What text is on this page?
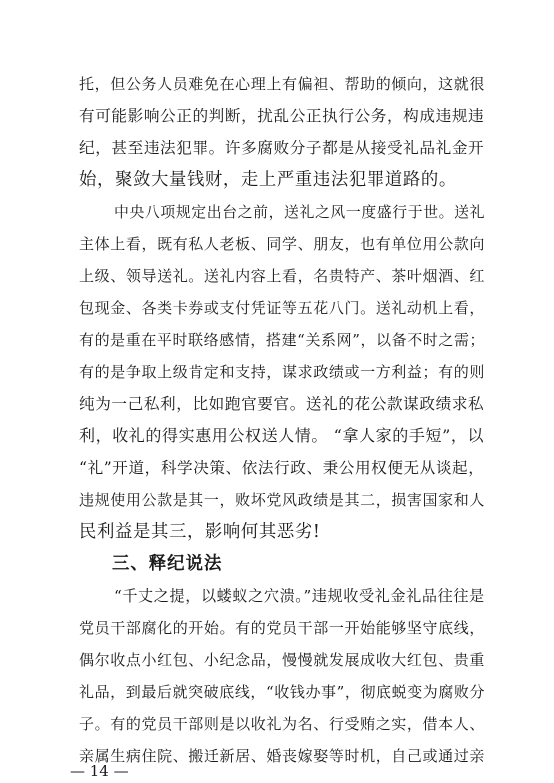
托，但公务人员难免在心理上有偏袒、帮助的倾向，这就很
有可能影响公正的判断，扰乱公正执行公务，构成违规违
纪，甚至违法犯罪。许多腐败分子都是从接受礼品礼金开
始，聚敛大量钱财，走上严重违法犯罪道路的。
中央八项规定出台之前，送礼之风一度盛行于世。送礼
主体上看，既有私人老板、同学、朋友，也有单位用公款向
上级、领导送礼。送礼内容上看，名贵特产、茶叶烟酒、红
包现金、各类卡券或支付凭证等五花八门。送礼动机上看，
有的是重在平时联络感情，搭建“关系网”，以备不时之需；
有的是争取上级肯定和支持，谋求政绩或一方利益；有的则
纯为一己私利，比如跑官要官。送礼的花公款谋政绩求私
利，收礼的得实惠用公权送人情。 “拿人家的手短”，以
“礼”开道，科学决策、依法行政、秉公用权便无从谈起，
违规使用公款是其一，败坏党风政绩是其二，损害国家和人
民利益是其三，影响何其恶劣!
三、释纪说法
“千丈之提，以蝼蚁之穴溃。”违规收受礼金礼品往往是
党员干部腐化的开始。有的党员干部一开始能够坚守底线，
偶尔收点小红包、小纪念品，慢慢就发展成收大红包、贵重
礼品，到最后就突破底线，“收钱办事”，彻底蜕变为腐败分
子。有的党员干部则是以收礼为名、行受贿之实，借本人、
亲属生病住院、搬迁新居、婚丧嫁娶等时机，自己或通过亲
— 14 —
